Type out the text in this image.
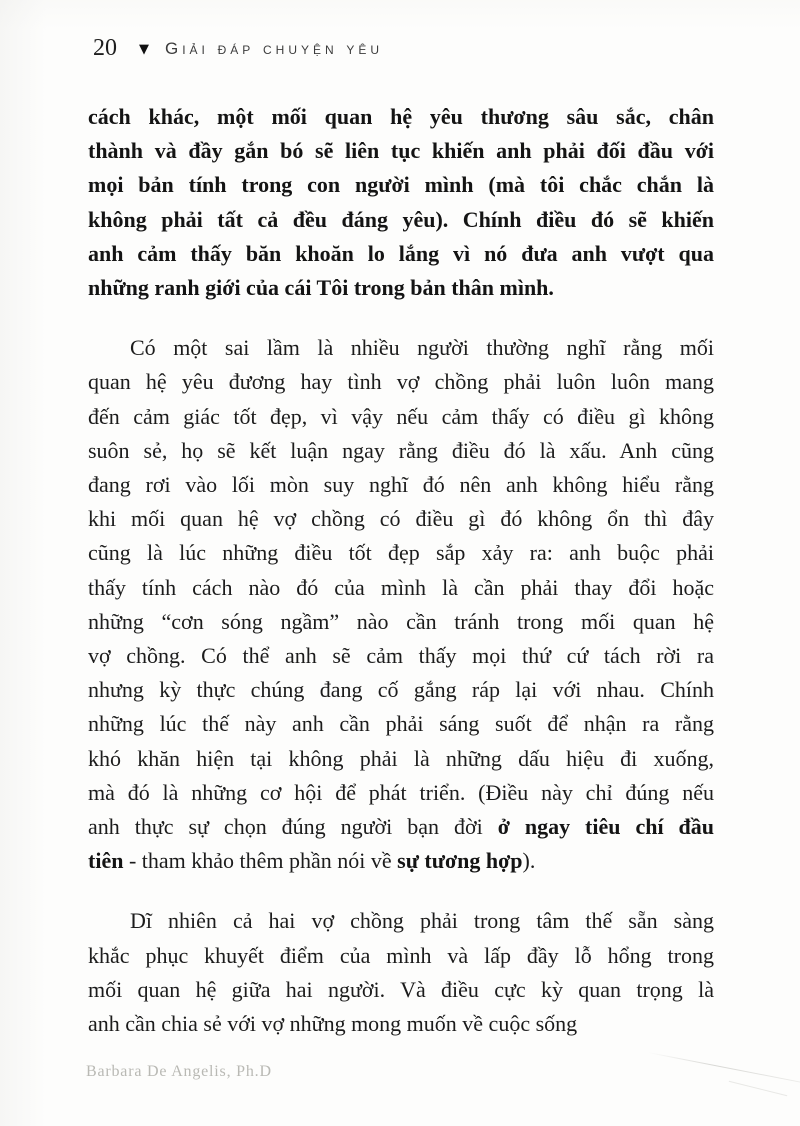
20 ▼ Giải đáp chuyện yêu
cách khác, một mối quan hệ yêu thương sâu sắc, chân
thành và đầy gắn bó sẽ liên tục khiến anh phải đối đầu với
mọi bản tính trong con người mình (mà tôi chắc chắn là
không phải tất cả đều đáng yêu). Chính điều đó sẽ khiến
anh cảm thấy băn khoăn lo lắng vì nó đưa anh vượt qua
những ranh giới của cái Tôi trong bản thân mình.
Có một sai lầm là nhiều người thường nghĩ rằng mối
quan hệ yêu đương hay tình vợ chồng phải luôn luôn mang
đến cảm giác tốt đẹp, vì vậy nếu cảm thấy có điều gì không
suôn sẻ, họ sẽ kết luận ngay rằng điều đó là xấu. Anh cũng
đang rơi vào lối mòn suy nghĩ đó nên anh không hiểu rằng
khi mối quan hệ vợ chồng có điều gì đó không ổn thì đây
cũng là lúc những điều tốt đẹp sắp xảy ra: anh buộc phải
thấy tính cách nào đó của mình là cần phải thay đổi hoặc
những “cơn sóng ngầm” nào cần tránh trong mối quan hệ
vợ chồng. Có thể anh sẽ cảm thấy mọi thứ cứ tách rời ra
nhưng kỳ thực chúng đang cố gắng ráp lại với nhau. Chính
những lúc thế này anh cần phải sáng suốt để nhận ra rằng
khó khăn hiện tại không phải là những dấu hiệu đi xuống,
mà đó là những cơ hội để phát triển. (Điều này chỉ đúng nếu
anh thực sự chọn đúng người bạn đời ở ngay tiêu chí đầu
tiên - tham khảo thêm phần nói về sự tương hợp).
Dĩ nhiên cả hai vợ chồng phải trong tâm thế sẵn sàng
khắc phục khuyết điểm của mình và lấp đầy lỗ hổng trong
mối quan hệ giữa hai người. Và điều cực kỳ quan trọng là
anh cần chia sẻ với vợ những mong muốn về cuộc sống
Barbara De Angelis, Ph.D
